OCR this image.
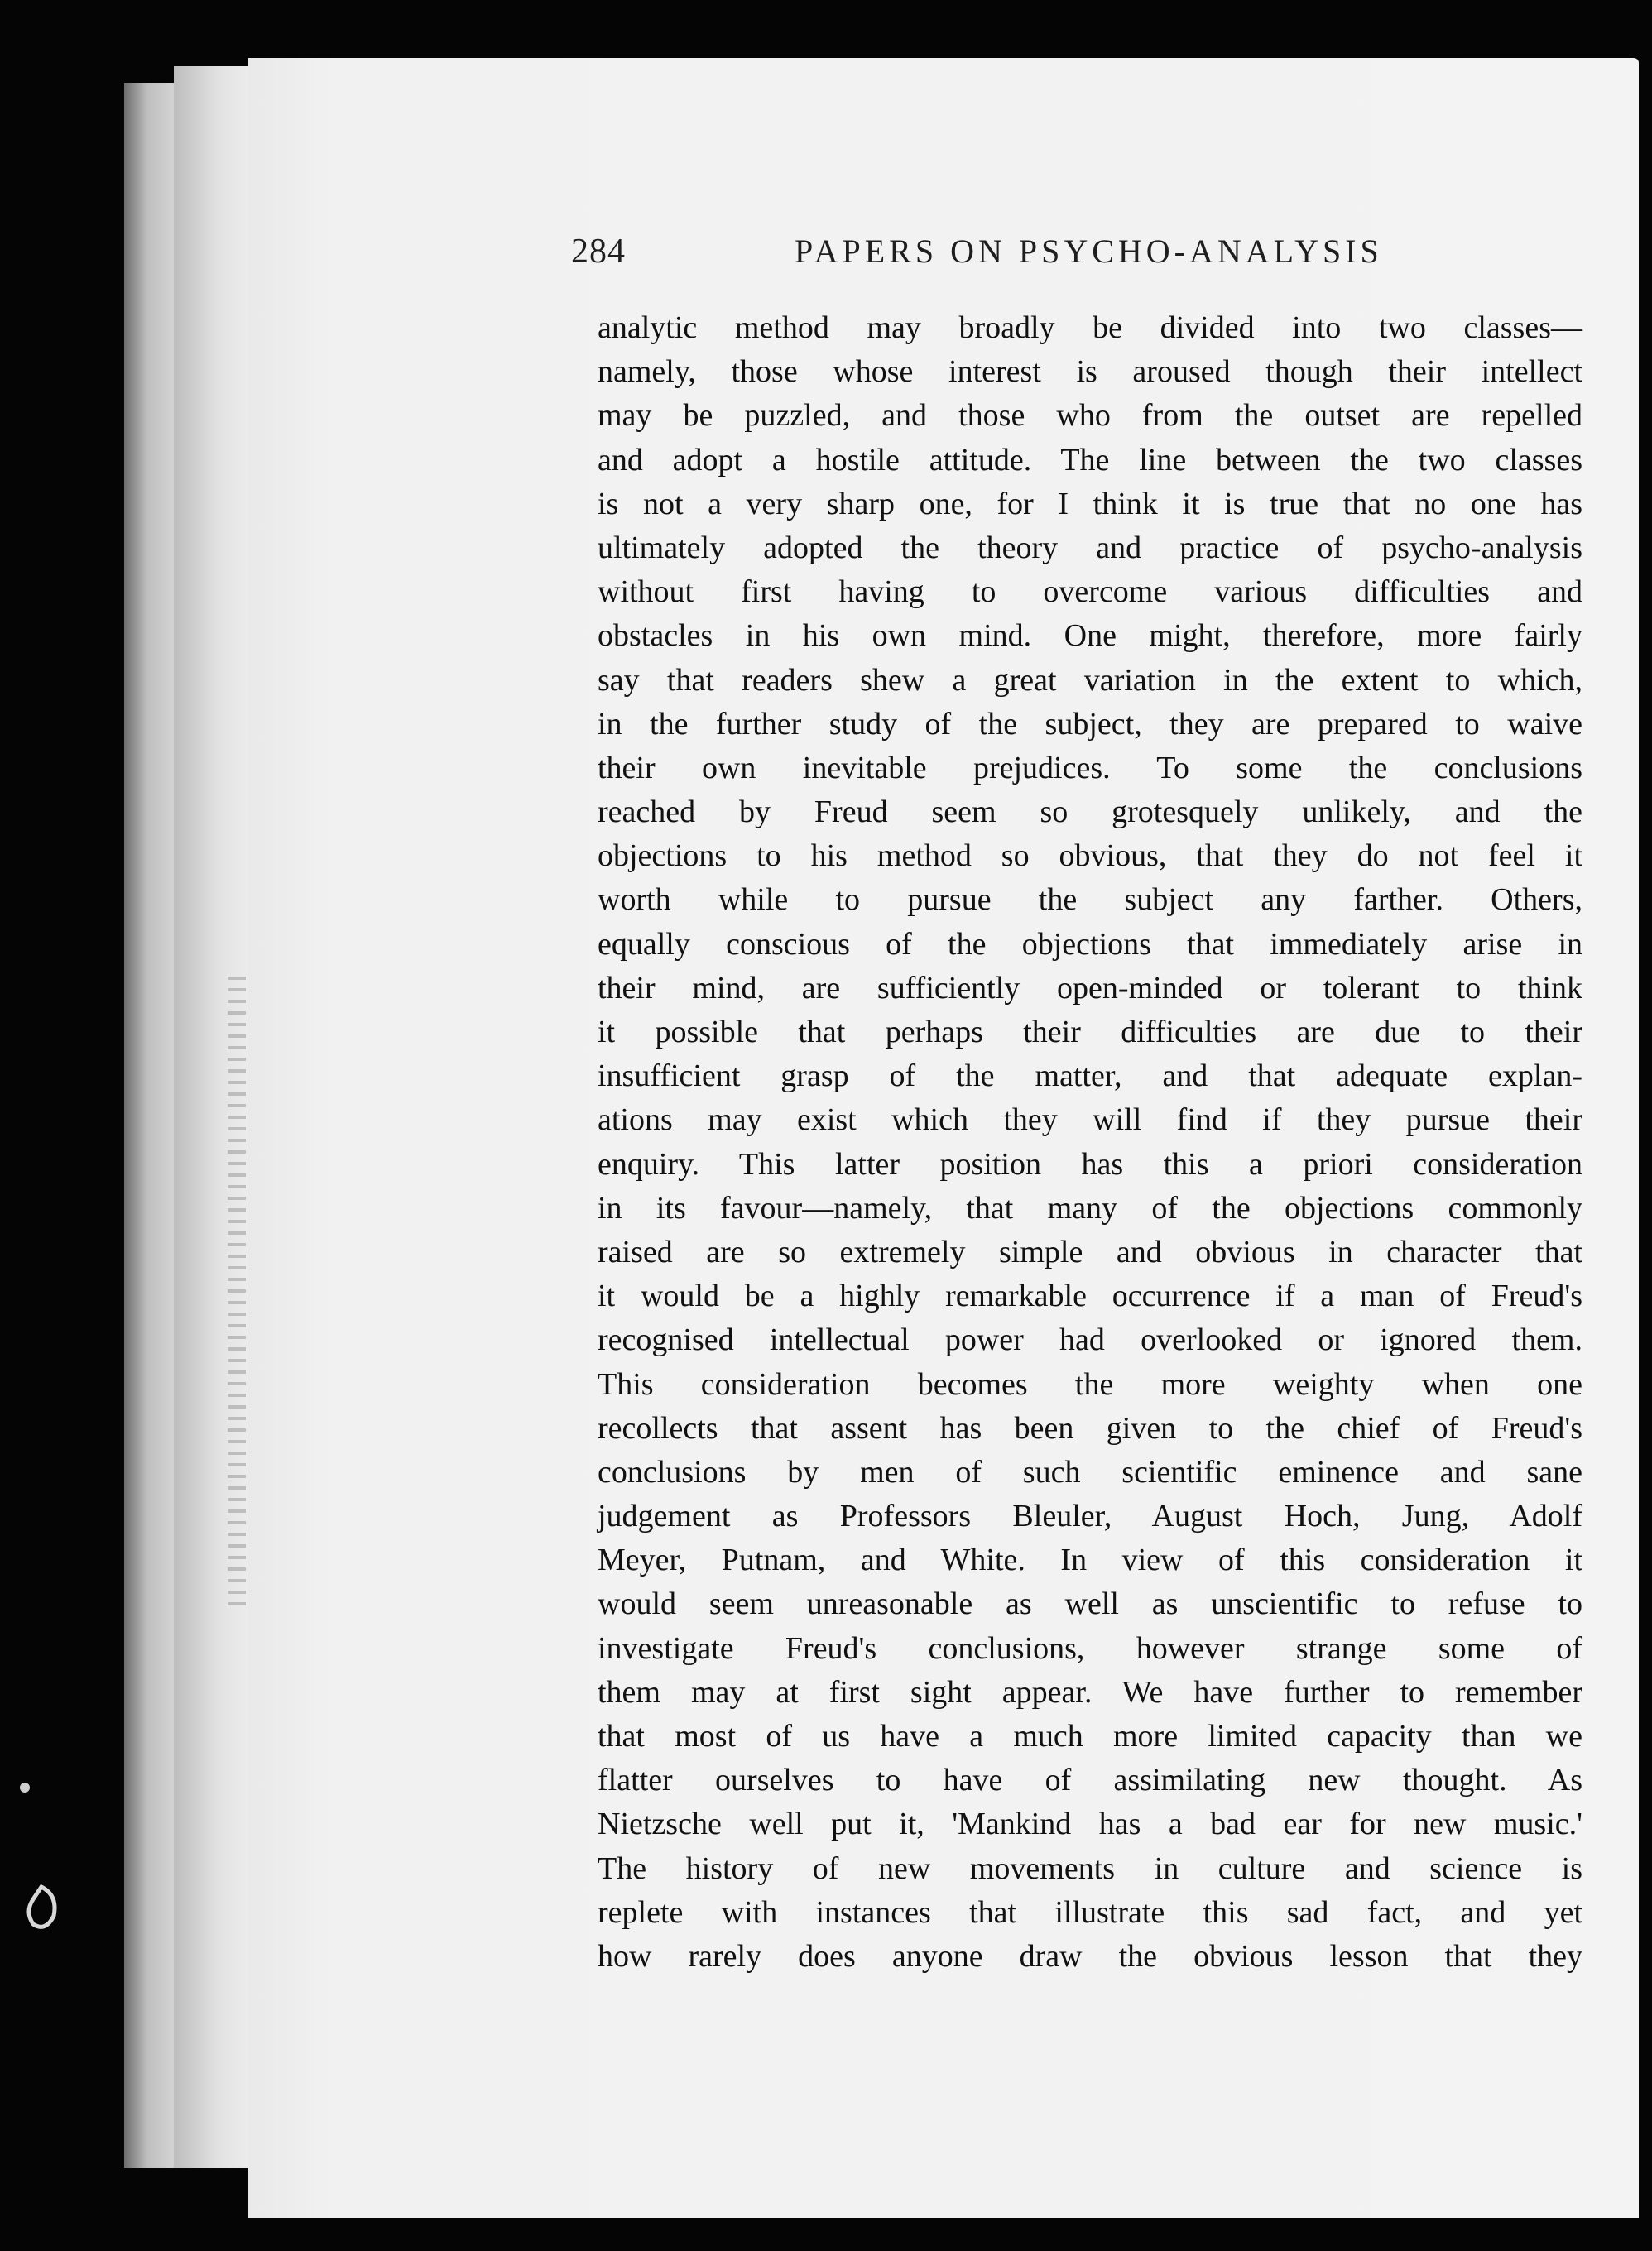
284	PAPERS ON PSYCHO-ANALYSIS
analytic method may broadly be divided into two classes—
namely, those whose interest is aroused though their intellect
may be puzzled, and those who from the outset are repelled
and adopt a hostile attitude. The line between the two classes
is not a very sharp one, for I think it is true that no one has
ultimately adopted the theory and practice of psycho-analysis
without first having to overcome various difficulties and
obstacles in his own mind. One might, therefore, more fairly
say that readers shew a great variation in the extent to which,
in the further study of the subject, they are prepared to waive
their own inevitable prejudices. To some the conclusions
reached by Freud seem so grotesquely unlikely, and the
objections to his method so obvious, that they do not feel it
worth while to pursue the subject any farther. Others,
equally conscious of the objections that immediately arise in
their mind, are sufficiently open-minded or tolerant to think
it possible that perhaps their difficulties are due to their
insufficient grasp of the matter, and that adequate explan-
ations may exist which they will find if they pursue their
enquiry. This latter position has this a priori consideration
in its favour—namely, that many of the objections commonly
raised are so extremely simple and obvious in character that
it would be a highly remarkable occurrence if a man of Freud's
recognised intellectual power had overlooked or ignored them.
This consideration becomes the more weighty when one
recollects that assent has been given to the chief of Freud's
conclusions by men of such scientific eminence and sane
judgement as Professors Bleuler, August Hoch, Jung, Adolf
Meyer, Putnam, and White. In view of this consideration it
would seem unreasonable as well as unscientific to refuse to
investigate Freud's conclusions, however strange some of
them may at first sight appear. We have further to remember
that most of us have a much more limited capacity than we
flatter ourselves to have of assimilating new thought. As
Nietzsche well put it, 'Mankind has a bad ear for new music.'
The history of new movements in culture and science is
replete with instances that illustrate this sad fact, and yet
how rarely does anyone draw the obvious lesson that they
